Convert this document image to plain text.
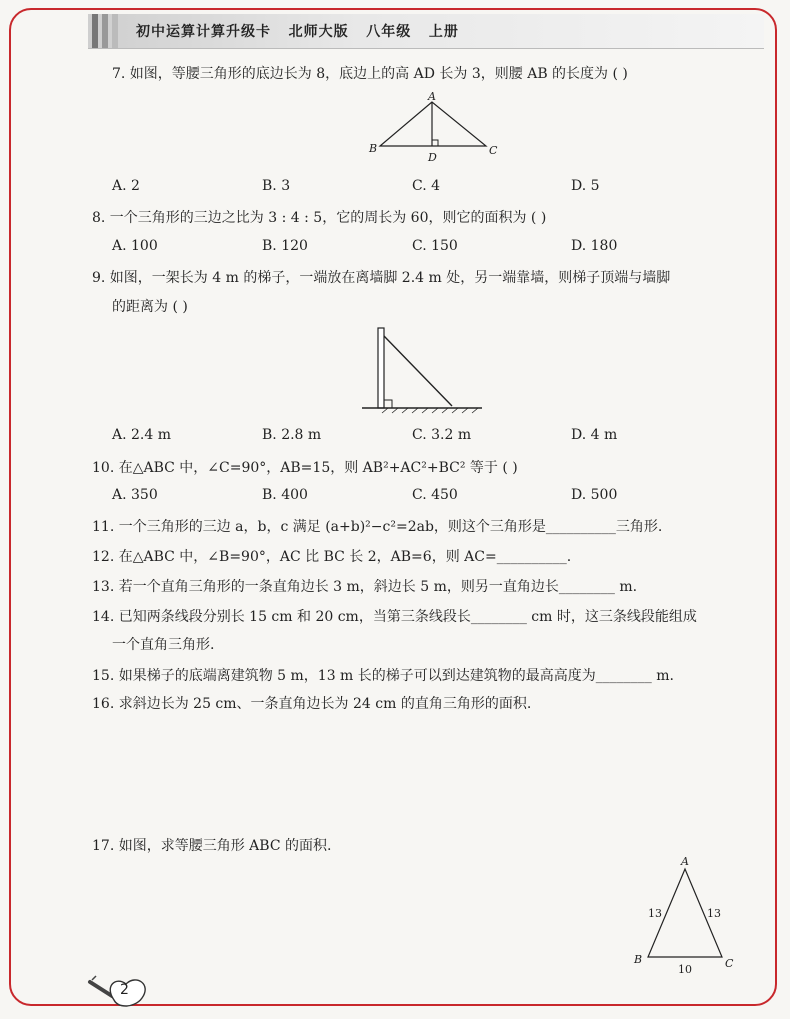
初中运算计算升级卡   北师大版   八年级   上册
7. 如图，等腰三角形的底边长为 8，底边上的高 AD 长为 3，则腰 AB 的长度为 ( )
A
B	C
D
A. 2	B. 3	C. 4	D. 5
8. 一个三角形的三边之比为 3 : 4 : 5，它的周长为 60，则它的面积为 ( )
A. 100	B. 120	C. 150	D. 180
9. 如图，一架长为 4 m 的梯子，一端放在离墙脚 2.4 m 处，另一端靠墙，则梯子顶端与墙脚
的距离为 ( )
A. 2.4 m	B. 2.8 m	C. 3.2 m	D. 4 m
10. 在△ABC 中，∠C=90°，AB=15，则 AB²+AC²+BC² 等于 ( )
A. 350	B. 400	C. 450	D. 500
11. 一个三角形的三边 a，b，c 满足 (a+b)²−c²=2ab，则这个三角形是__________三角形.
12. 在△ABC 中，∠B=90°，AC 比 BC 长 2，AB=6，则 AC=__________.
13. 若一个直角三角形的一条直角边长 3 m，斜边长 5 m，则另一直角边长________ m.
14. 已知两条线段分别长 15 cm 和 20 cm，当第三条线段长________ cm 时，这三条线段能组成
一个直角三角形.
15. 如果梯子的底端离建筑物 5 m，13 m 长的梯子可以到达建筑物的最高高度为________ m.
16. 求斜边长为 25 cm、一条直角边长为 24 cm 的直角三角形的面积.
17. 如图，求等腰三角形 ABC 的面积.
A
B	C
13	13
10
2
